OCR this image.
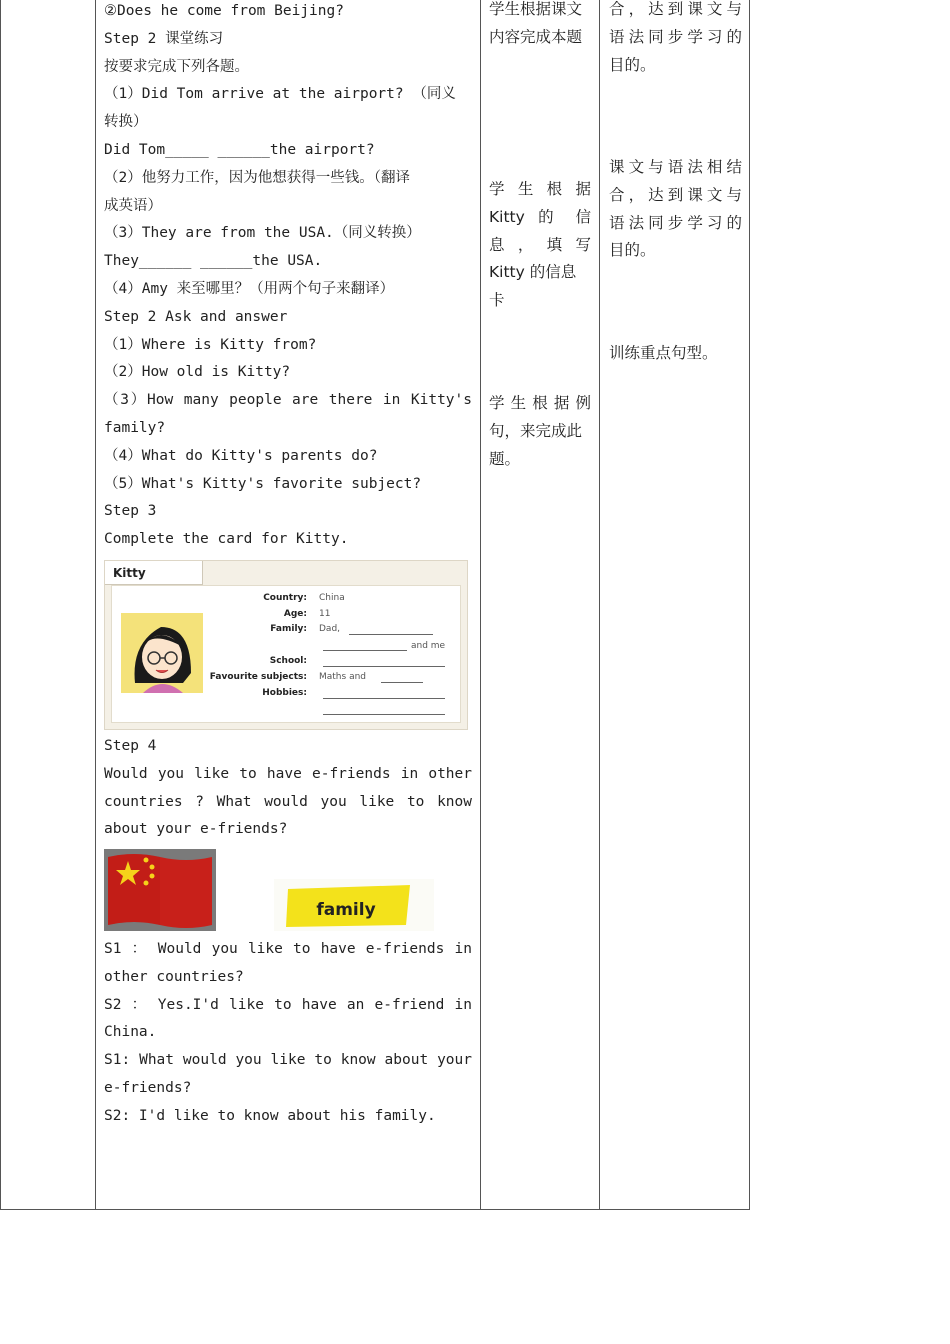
②Does he come from Beijing?
Step 2 课堂练习
按要求完成下列各题。
（1）Did Tom arrive at the airport? （同义
转换）
Did Tom_____ ______the airport?
（2）他努力工作，因为他想获得一些钱。（翻译
成英语）
（3）They are from the USA.（同义转换）
They______ ______the USA.
（4）Amy 来至哪里？（用两个句子来翻译）
Step 2 Ask and answer
（1）Where is Kitty from?
（2）How old is Kitty?
（3）How many people are there in Kitty's
family?
（4）What do Kitty's parents do?
（5）What's Kitty's favorite subject?
Step 3
Complete the card for Kitty.
Kitty
Country: China
Age: 11
Family: Dad,
and me
School:
Favourite subjects: Maths and
Hobbies:
Step 4
Would you like to have e-friends in other
countries ? What would you like to know
about your e-friends?
family
S1 ： Would you like to have e-friends in
other countries?
S2 ： Yes.I'd like to have an e-friend in
China.
S1: What would you like to know about your
e-friends?
S2: I'd like to know about his family.
学生根据课文
内容完成本题
学 生 根 据
Kitty 的 信
息 ， 填 写
Kitty 的信息
卡
学生根据例
句，来完成此
题。
合，达到课文与
语法同步学习的
目的。
课文与语法相结
合，达到课文与
语法同步学习的
目的。
训练重点句型。
